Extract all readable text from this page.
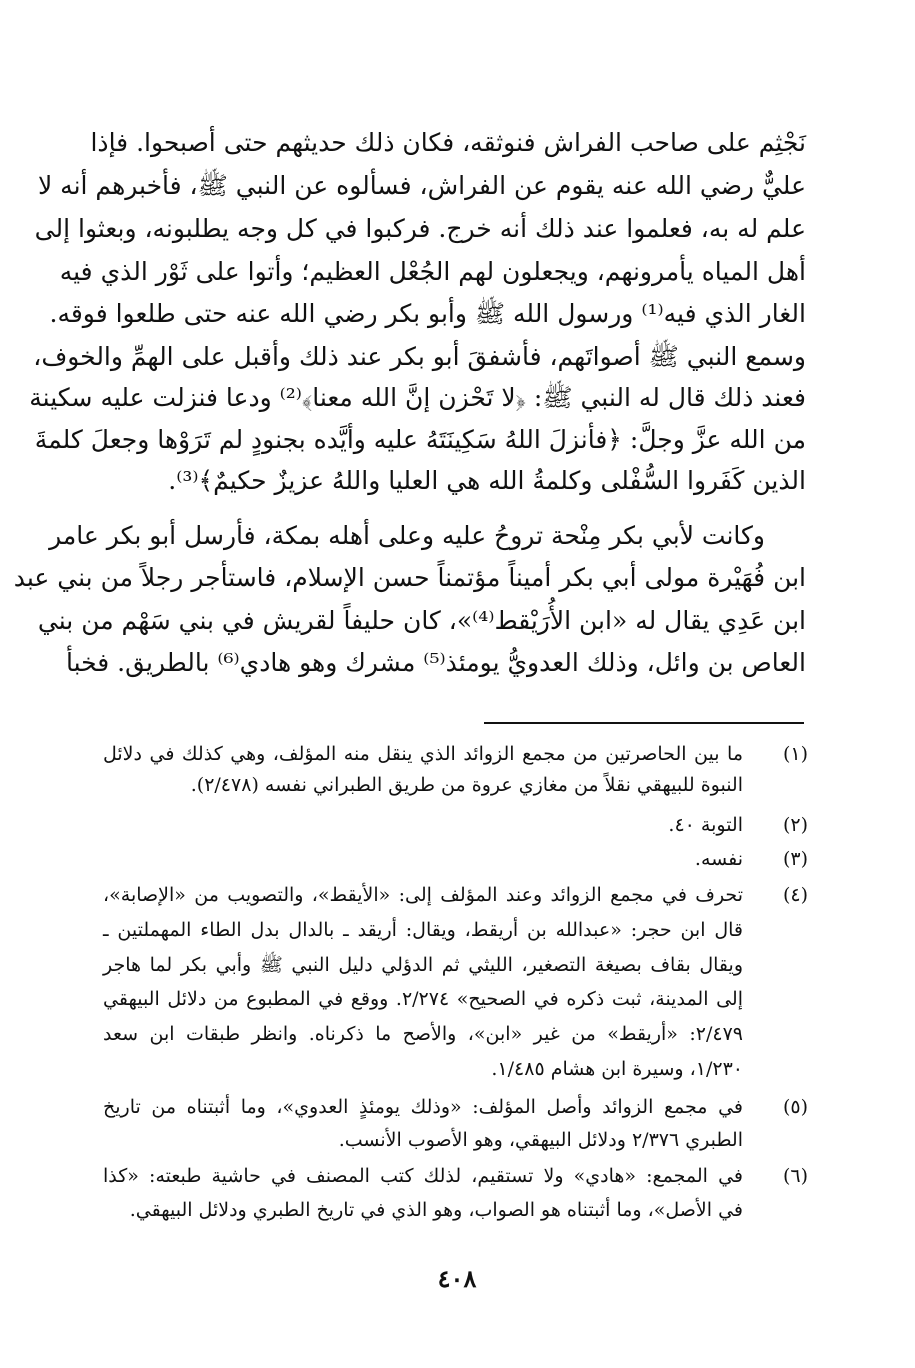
نَجْثِم على صاحب الفراش فنوثقه، فكان ذلك حديثهم حتى أصبحوا. فإذا
عليٌّ رضي الله عنه يقوم عن الفراش، فسألوه عن النبي ﷺ، فأخبرهم أنه لا
علم له به، فعلموا عند ذلك أنه خرج. فركبوا في كل وجه يطلبونه، وبعثوا إلى
أهل المياه يأمرونهم، ويجعلون لهم الجُعْل العظيم؛ وأتوا على ثَوْر الذي فيه
الغار الذي فيه⁽¹⁾ ورسول الله ﷺ وأبو بكر رضي الله عنه حتى طلعوا فوقه.
وسمع النبي ﷺ أصواتَهم، فأشفقَ أبو بكر عند ذلك وأقبل على الهمِّ والخوف،
فعند ذلك قال له النبي ﷺ: ﴿لا تَحْزن إنَّ الله معنا﴾⁽²⁾ ودعا فنزلت عليه سكينة
من الله عزَّ وجلَّ: ﴿فأنزلَ اللهُ سَكِينَتَهُ عليه وأيَّده بجنودٍ لم تَرَوْها وجعلَ كلمةَ
الذين كَفَروا السُّفْلى وكلمةُ الله هي العليا واللهُ عزيزٌ حكيمٌ﴾⁽³⁾.
وكانت لأبي بكر مِنْحة تروحُ عليه وعلى أهله بمكة، فأرسل أبو بكر عامر
ابن فُهَيْرة مولى أبي بكر أميناً مؤتمناً حسن الإسلام، فاستأجر رجلاً من بني عبد
ابن عَدِي يقال له «ابن الأُرَيْقط⁽⁴⁾»، كان حليفاً لقريش في بني سَهْم من بني
العاص بن وائل، وذلك العدويُّ يومئذ⁽⁵⁾ مشرك وهو هادي⁽⁶⁾ بالطريق. فخبأ
(١)
ما بين الحاصرتين من مجمع الزوائد الذي ينقل منه المؤلف، وهي كذلك في دلائل
النبوة للبيهقي نقلاً من مغازي عروة من طريق الطبراني نفسه (٢/٤٧٨).
(٢)
التوبة ٤٠.
(٣)
نفسه.
(٤)
تحرف في مجمع الزوائد وعند المؤلف إلى: «الأيقط»، والتصويب من «الإصابة»،
قال ابن حجر: «عبدالله بن أريقط، ويقال: أريقد ـ بالدال بدل الطاء المهملتين ـ
ويقال بقاف بصيغة التصغير، الليثي ثم الدؤلي دليل النبي ﷺ وأبي بكر لما هاجر
إلى المدينة، ثبت ذكره في الصحيح» ٢/٢٧٤. ووقع في المطبوع من دلائل البيهقي
٢/٤٧٩: «أريقط» من غير «ابن»، والأصح ما ذكرناه. وانظر طبقات ابن سعد
١/٢٣٠، وسيرة ابن هشام ١/٤٨٥.
(٥)
في مجمع الزوائد وأصل المؤلف: «وذلك يومئذٍ العدوي»، وما أثبتناه من تاريخ
الطبري ٢/٣٧٦ ودلائل البيهقي، وهو الأصوب الأنسب.
(٦)
في المجمع: «هادي» ولا تستقيم، لذلك كتب المصنف في حاشية طبعته: «كذا
في الأصل»، وما أثبتناه هو الصواب، وهو الذي في تاريخ الطبري ودلائل البيهقي.
٤٠٨
